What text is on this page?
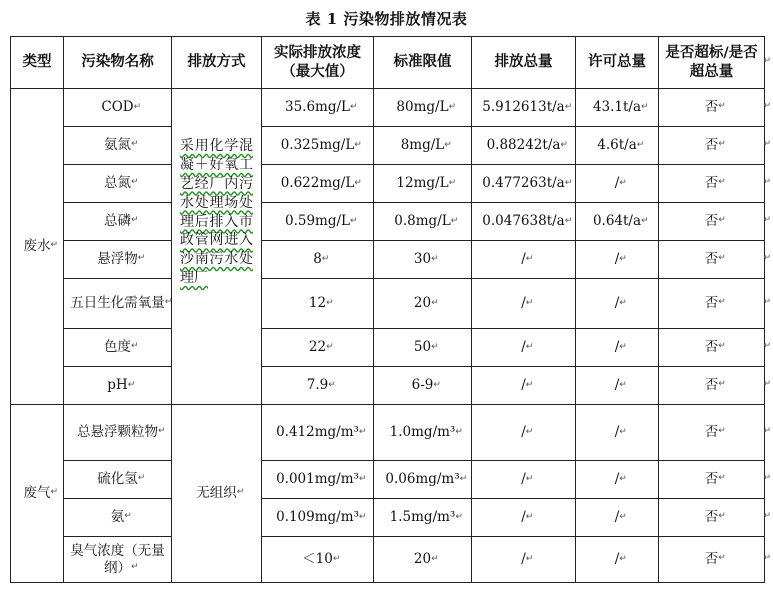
表 1 污染物排放情况表
类型	污染物名称	排放方式	实际排放浓度（最大值）	标准限值	排放总量	许可总量	是否超标/是否超总量
废水↵	COD↵	采用化学混凝＋好氧工艺经厂内污水处理场处理后排入市政管网进入沙南污水处理厂	35.6mg/L↵	80mg/L↵	5.912613t/a↵	43.1t/a↵	否↵
	氨氮↵		0.325mg/L↵	8mg/L↵	0.88242t/a↵	4.6t/a↵	否↵
	总氮↵		0.622mg/L↵	12mg/L↵	0.477263t/a↵	/↵	否↵
	总磷↵		0.59mg/L↵	0.8mg/L↵	0.047638t/a↵	0.64t/a↵	否↵
	悬浮物↵		8↵	30↵	/↵	/↵	否↵
	五日生化需氧量↵		12↵	20↵	/↵	/↵	否↵
	色度↵		22↵	50↵	/↵	/↵	否↵
	pH↵		7.9↵	6-9↵	/↵	/↵	否↵
废气↵	总悬浮颗粒物↵	无组织↵	0.412mg/m³↵	1.0mg/m³↵	/↵	/↵	否↵
	硫化氢↵		0.001mg/m³↵	0.06mg/m³↵	/↵	/↵	否↵
	氨↵		0.109mg/m³↵	1.5mg/m³↵	/↵	/↵	否↵
	臭气浓度（无量纲）↵		＜10↵	20↵	/↵	/↵	否↵
↵
↵
↵
↵
↵
↵
↵
↵
↵
↵
↵
↵
↵
